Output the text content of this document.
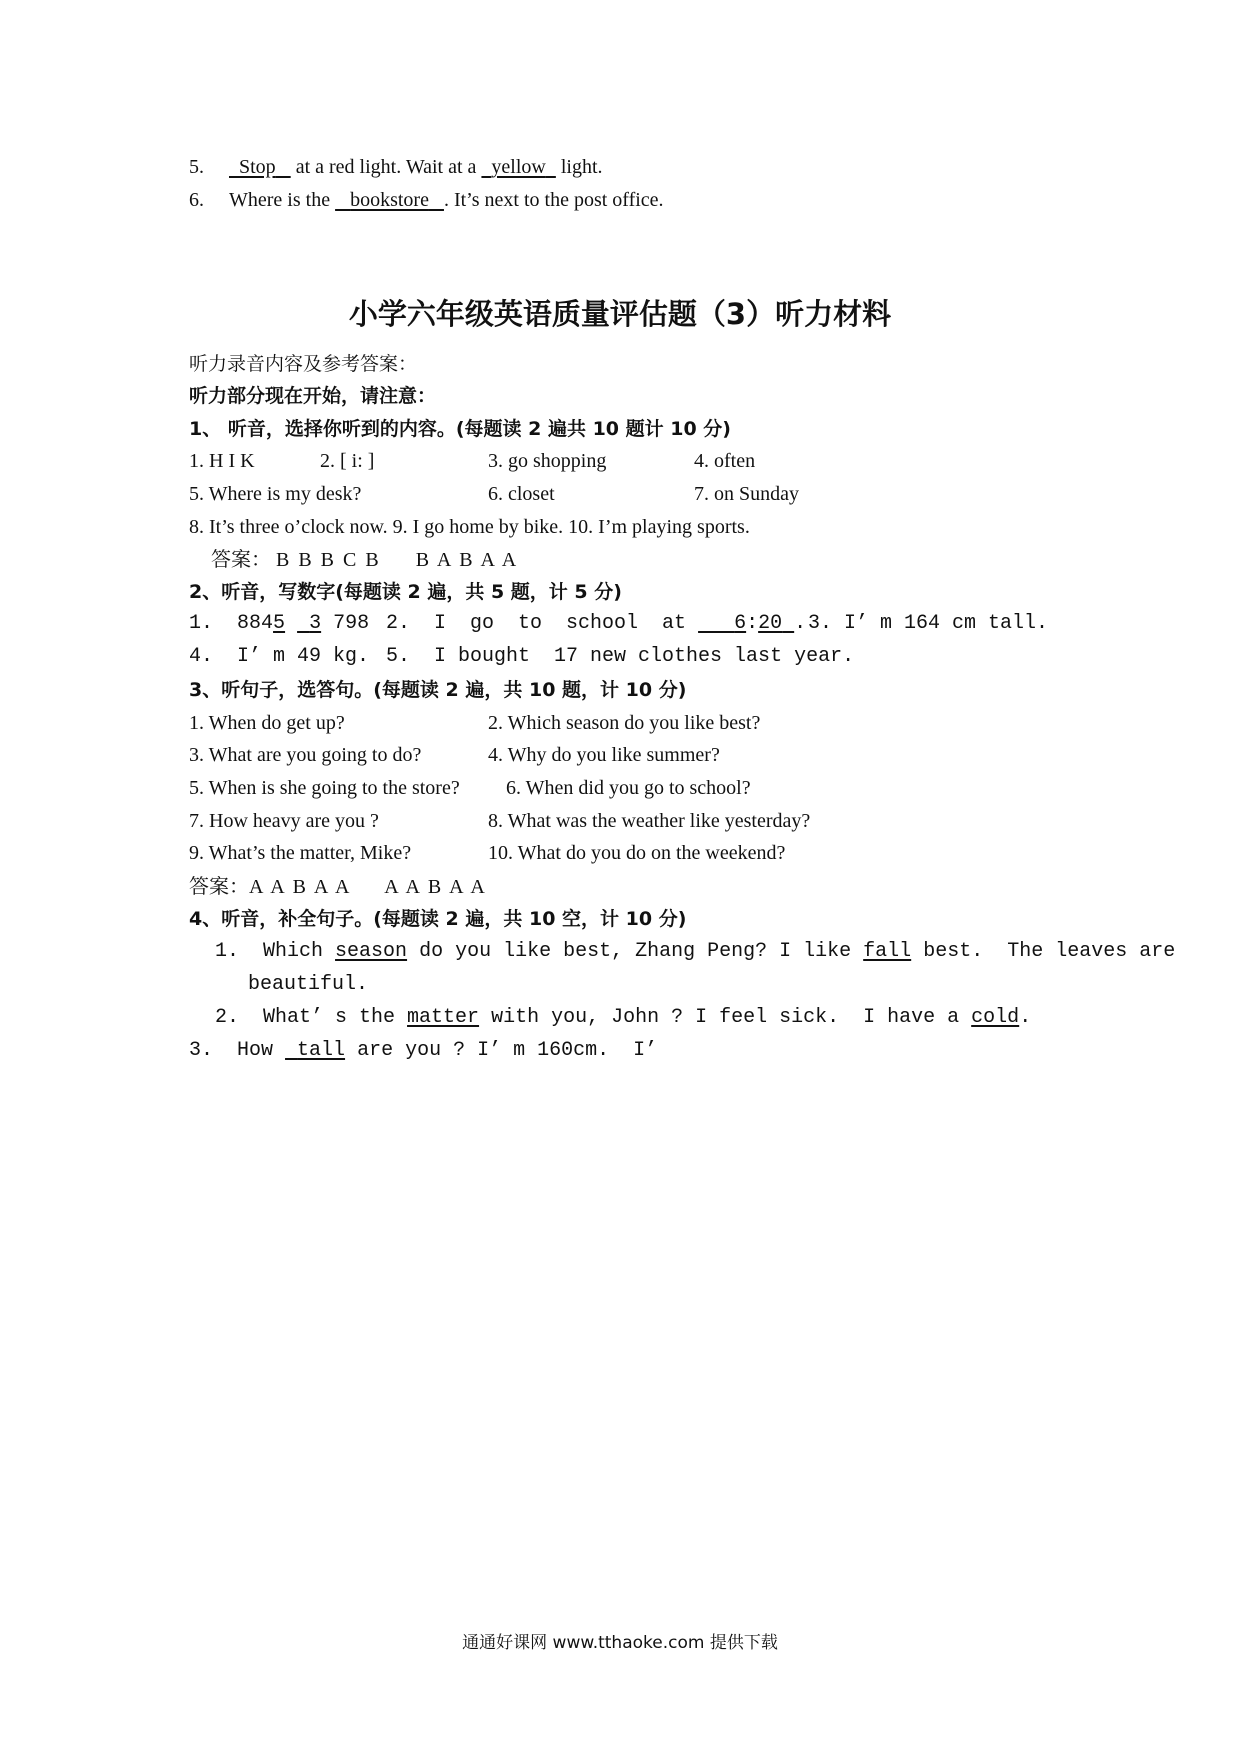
5. Stop at a red light. Wait at a yellow light.
6. Where is the bookstore . It’s next to the post office.
小学六年级英语质量评估题（3）听力材料
听力录音内容及参考答案：
听力部分现在开始，请注意：
1、 听音，选择你听到的内容。(每题读 2 遍共 10 题计 10 分)
1. H I K	2. [ i: ]	3. go shopping	4. often
5. Where is my desk?	6. closet	7. on Sunday
8. It’s three o’clock now. 9. I go home by bike. 10. I’m playing sports.
答案： B B B C B     B A B A A
2、听音，写数字(每题读 2 遍，共 5 题，计 5 分)
1. 8845 3 798 2.  I  go  to  school  at 6:20 . 3. I’ m 164 cm tall.
4.  I’ m 49 kg. 5.  I bought  17 new clothes last year.
3、听句子，选答句。(每题读 2 遍，共 10 题，计 10 分)
1. When do get up?	2. Which season do you like best?
3. What are you going to do?	4. Why do you like summer?
5. When is she going to the store? 6. When did you go to school?
7. How heavy are you ?	8. What was the weather like yesterday?
9. What’s the matter, Mike?	10. What do you do on the weekend?
答案：A A B A A     A A B A A
4、听音，补全句子。(每题读 2 遍，共 10 空，计 10 分)
1.  Which season do you like best, Zhang Peng? I like fall best.  The leaves are
beautiful.
2.  What’ s the matter with you, John ? I feel sick.  I have a cold.
3.  How tall are you ? I’ m 160cm.  I’
通通好课网 www.tthaoke.com 提供下载
